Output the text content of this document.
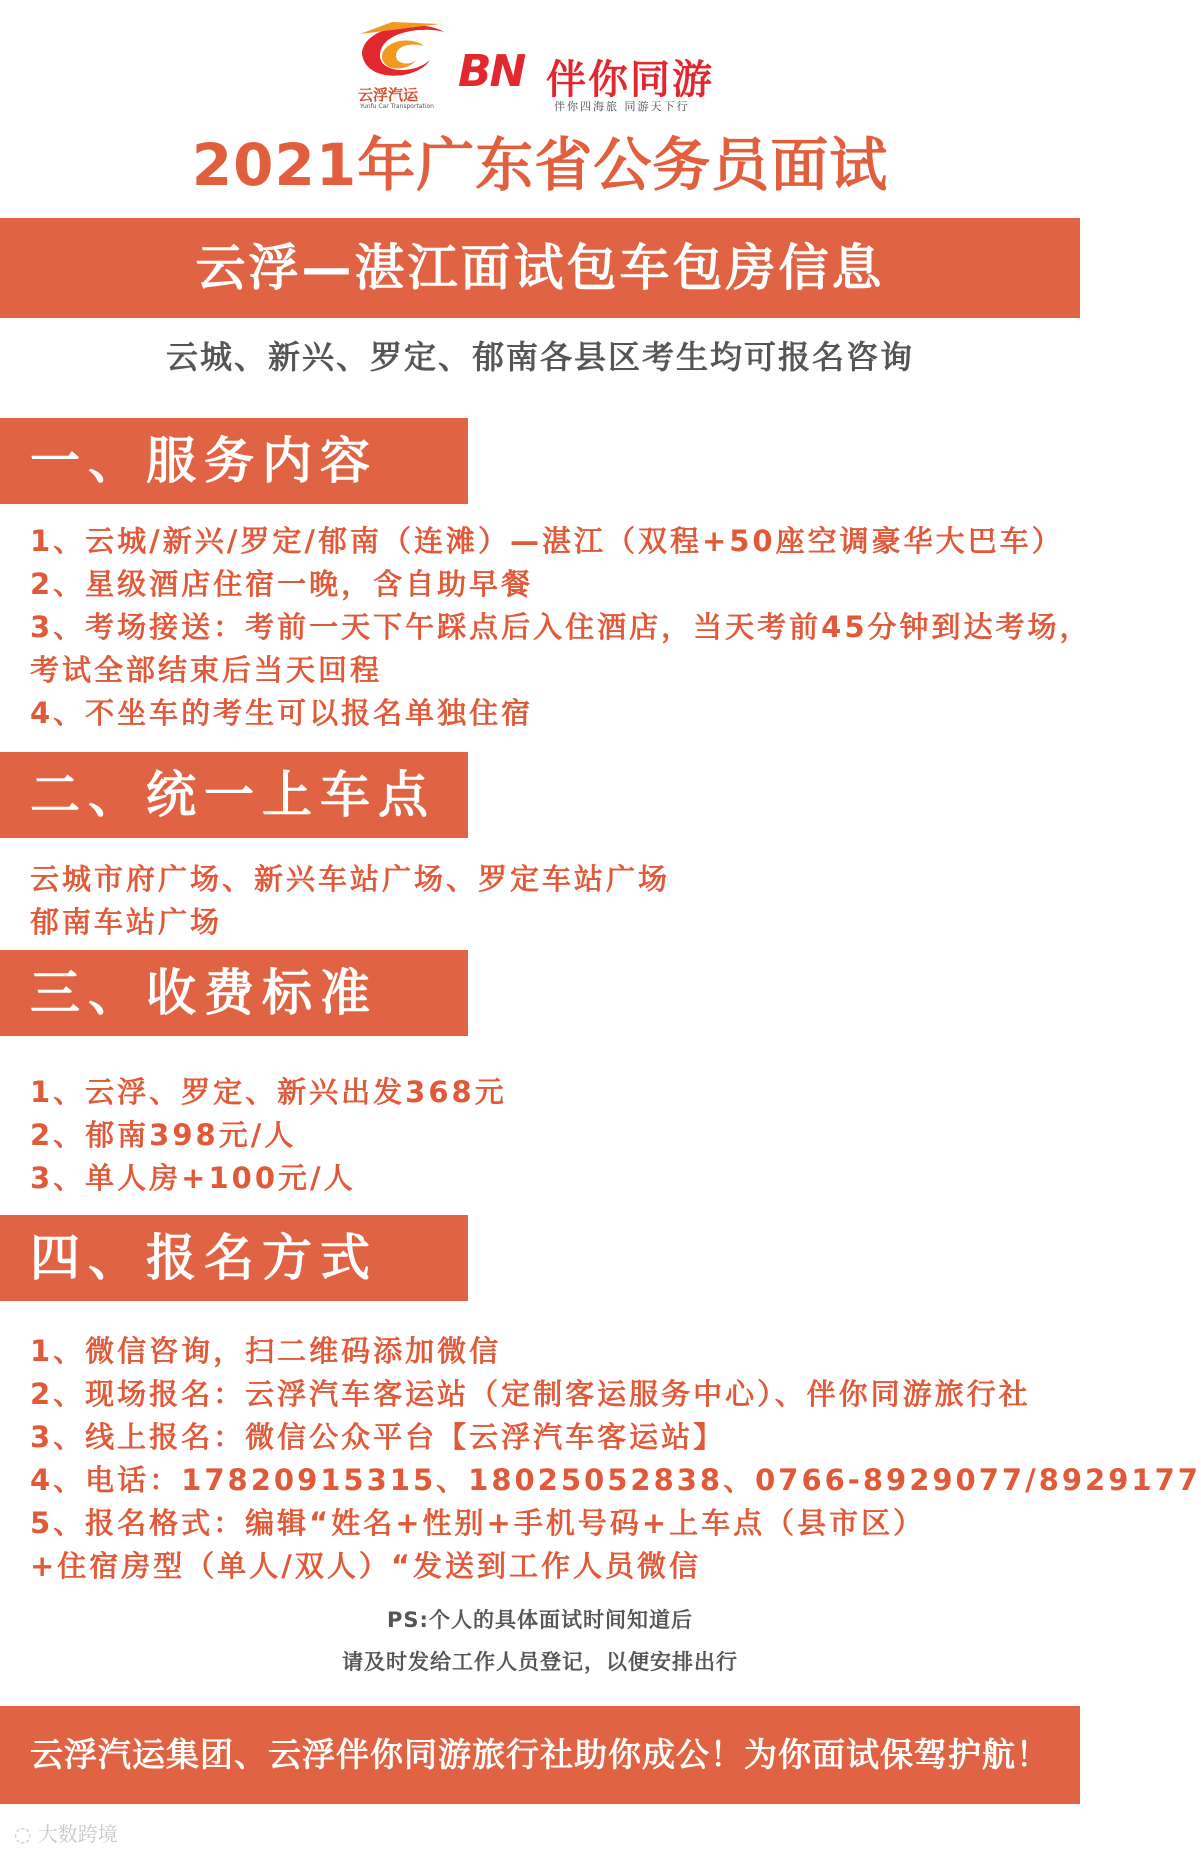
云浮汽运
Yunfu Car Transportation
BN 伴你同游
伴你四海旅 同游天下行
2021年广东省公务员面试
云浮—湛江面试包车包房信息
云城、新兴、罗定、郁南各县区考生均可报名咨询
一、服务内容
1、云城/新兴/罗定/郁南（连滩）—湛江（双程+50座空调豪华大巴车）
2、星级酒店住宿一晚，含自助早餐
3、考场接送：考前一天下午踩点后入住酒店，当天考前45分钟到达考场，
考试全部结束后当天回程
4、不坐车的考生可以报名单独住宿
二、统一上车点
云城市府广场、新兴车站广场、罗定车站广场
郁南车站广场
三、收费标准
1、云浮、罗定、新兴出发368元
2、郁南398元/人
3、单人房+100元/人
四、报名方式
1、微信咨询，扫二维码添加微信
2、现场报名：云浮汽车客运站（定制客运服务中心）、伴你同游旅行社
3、线上报名：微信公众平台【云浮汽车客运站】
4、电话：17820915315、18025052838、0766-8929077/8929177
5、报名格式：编辑“姓名+性别+手机号码+上车点（县市区）
+住宿房型（单人/双人）“发送到工作人员微信
PS:个人的具体面试时间知道后
请及时发给工作人员登记，以便安排出行
云浮汽运集团、云浮伴你同游旅行社助你成公！为你面试保驾护航！
◌ 大数跨境
